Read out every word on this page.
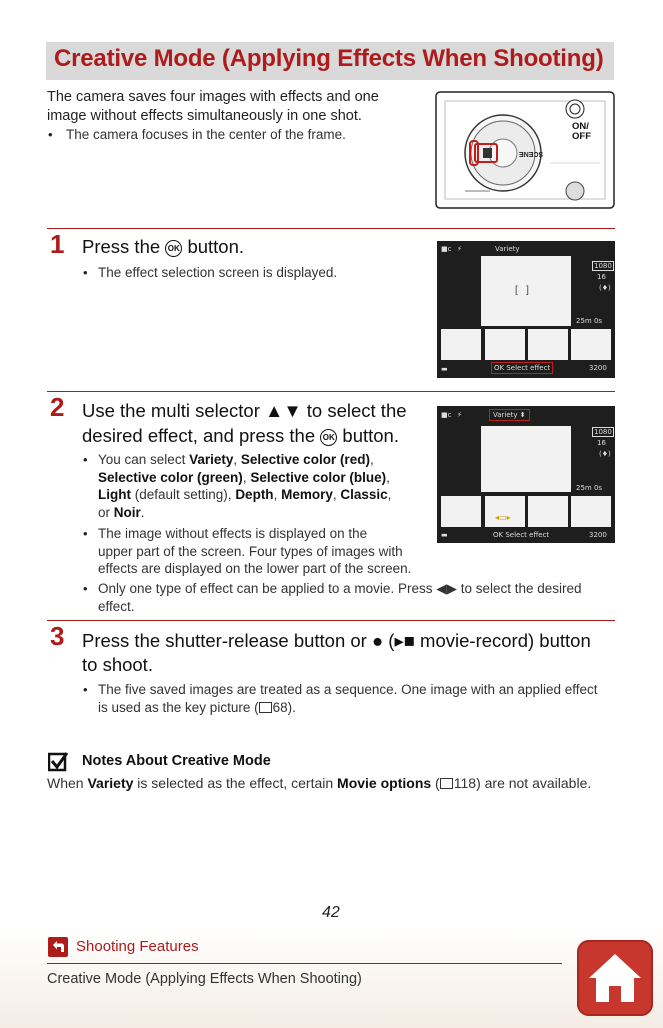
Creative Mode (Applying Effects When Shooting)
The camera saves four images with effects and one
image without effects simultaneously in one shot.
• The camera focuses in the center of the frame.
ON/
OFF
SCENE
1 Press the OK button.
• The effect selection screen is displayed.
■c ⚡	Variety
[   ]
1080
16
(♦)
25m 0s
▬	OK Select effect	3200
2 Use the multi selector ▲▼ to select the
desired effect, and press the OK button.
• You can select Variety, Selective color (red),
Selective color (green), Selective color (blue),
Light (default setting), Depth, Memory, Classic,
or Noir.
• The image without effects is displayed on the
upper part of the screen. Four types of images with
effects are displayed on the lower part of the screen.
• Only one type of effect can be applied to a movie. Press ◀▶ to select the desired
effect.
■c ⚡	Variety ⬍
1080
16
(♦)
25m 0s
◂▭▸
▬	OK Select effect	3200
3 Press the shutter-release button or ● (▸■ movie-record) button
to shoot.
• The five saved images are treated as a sequence. One image with an applied effect
is used as the key picture ( 68).
Notes About Creative Mode
When Variety is selected as the effect, certain Movie options ( 118) are not available.
42
Shooting Features
Creative Mode (Applying Effects When Shooting)
